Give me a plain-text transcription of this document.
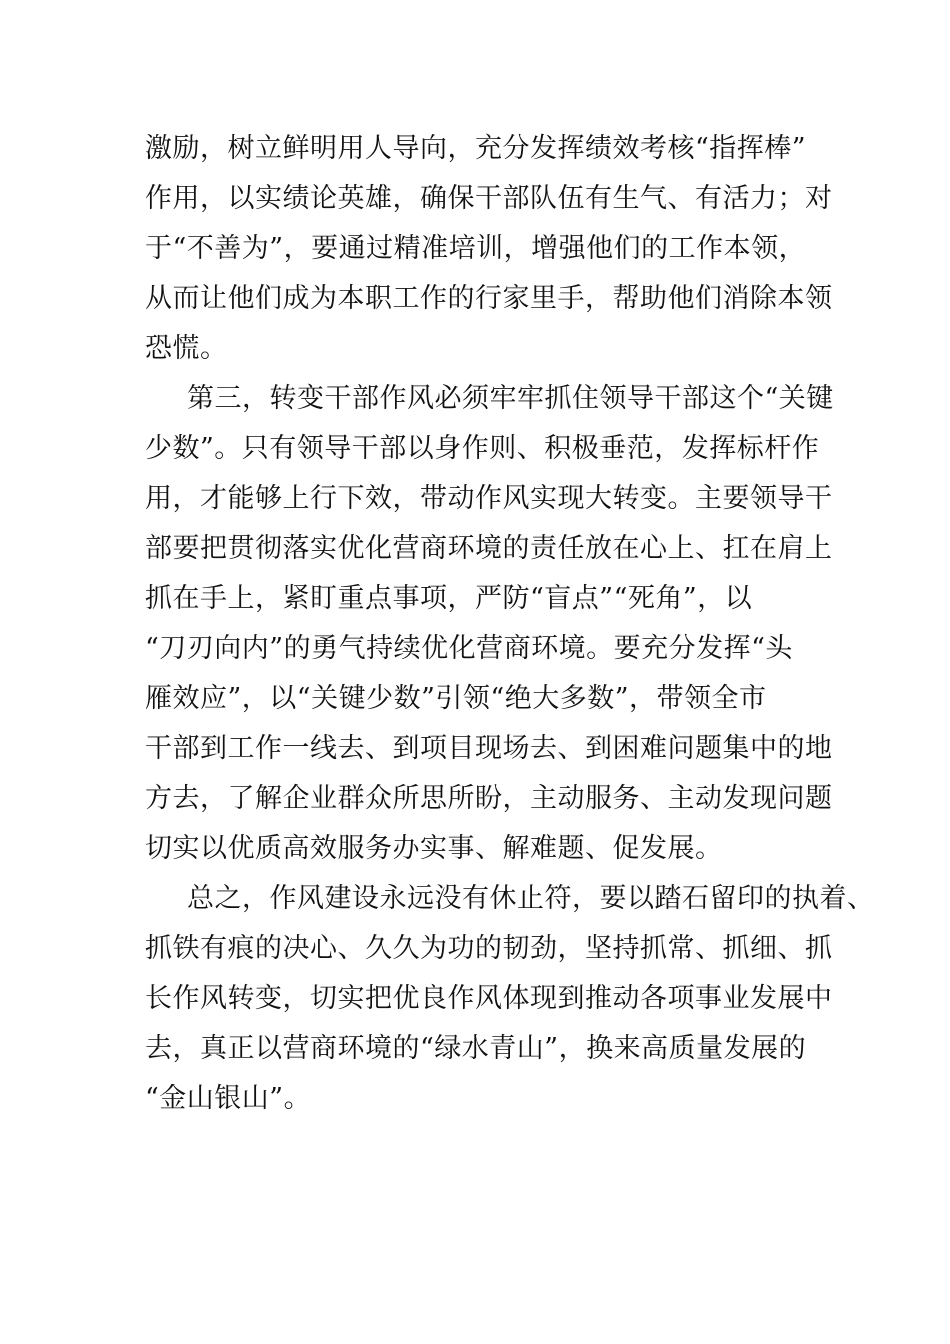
激励，树立鲜明用人导向，充分发挥绩效考核“指挥棒”
作用，以实绩论英雄，确保干部队伍有生气、有活力；对
于“不善为”，要通过精准培训，增强他们的工作本领，
从而让他们成为本职工作的行家里手，帮助他们消除本领
恐慌。
第三，转变干部作风必须牢牢抓住领导干部这个“关键
少数”。只有领导干部以身作则、积极垂范，发挥标杆作
用，才能够上行下效，带动作风实现大转变。主要领导干
部要把贯彻落实优化营商环境的责任放在心上、扛在肩上
抓在手上，紧盯重点事项，严防“盲点”“死角”，以
“刀刃向内”的勇气持续优化营商环境。要充分发挥“头
雁效应”，以“关键少数”引领“绝大多数”，带领全市
干部到工作一线去、到项目现场去、到困难问题集中的地
方去，了解企业群众所思所盼，主动服务、主动发现问题
切实以优质高效服务办实事、解难题、促发展。
总之，作风建设永远没有休止符，要以踏石留印的执着、
抓铁有痕的决心、久久为功的韧劲，坚持抓常、抓细、抓
长作风转变，切实把优良作风体现到推动各项事业发展中
去，真正以营商环境的“绿水青山”，换来高质量发展的
“金山银山”。
